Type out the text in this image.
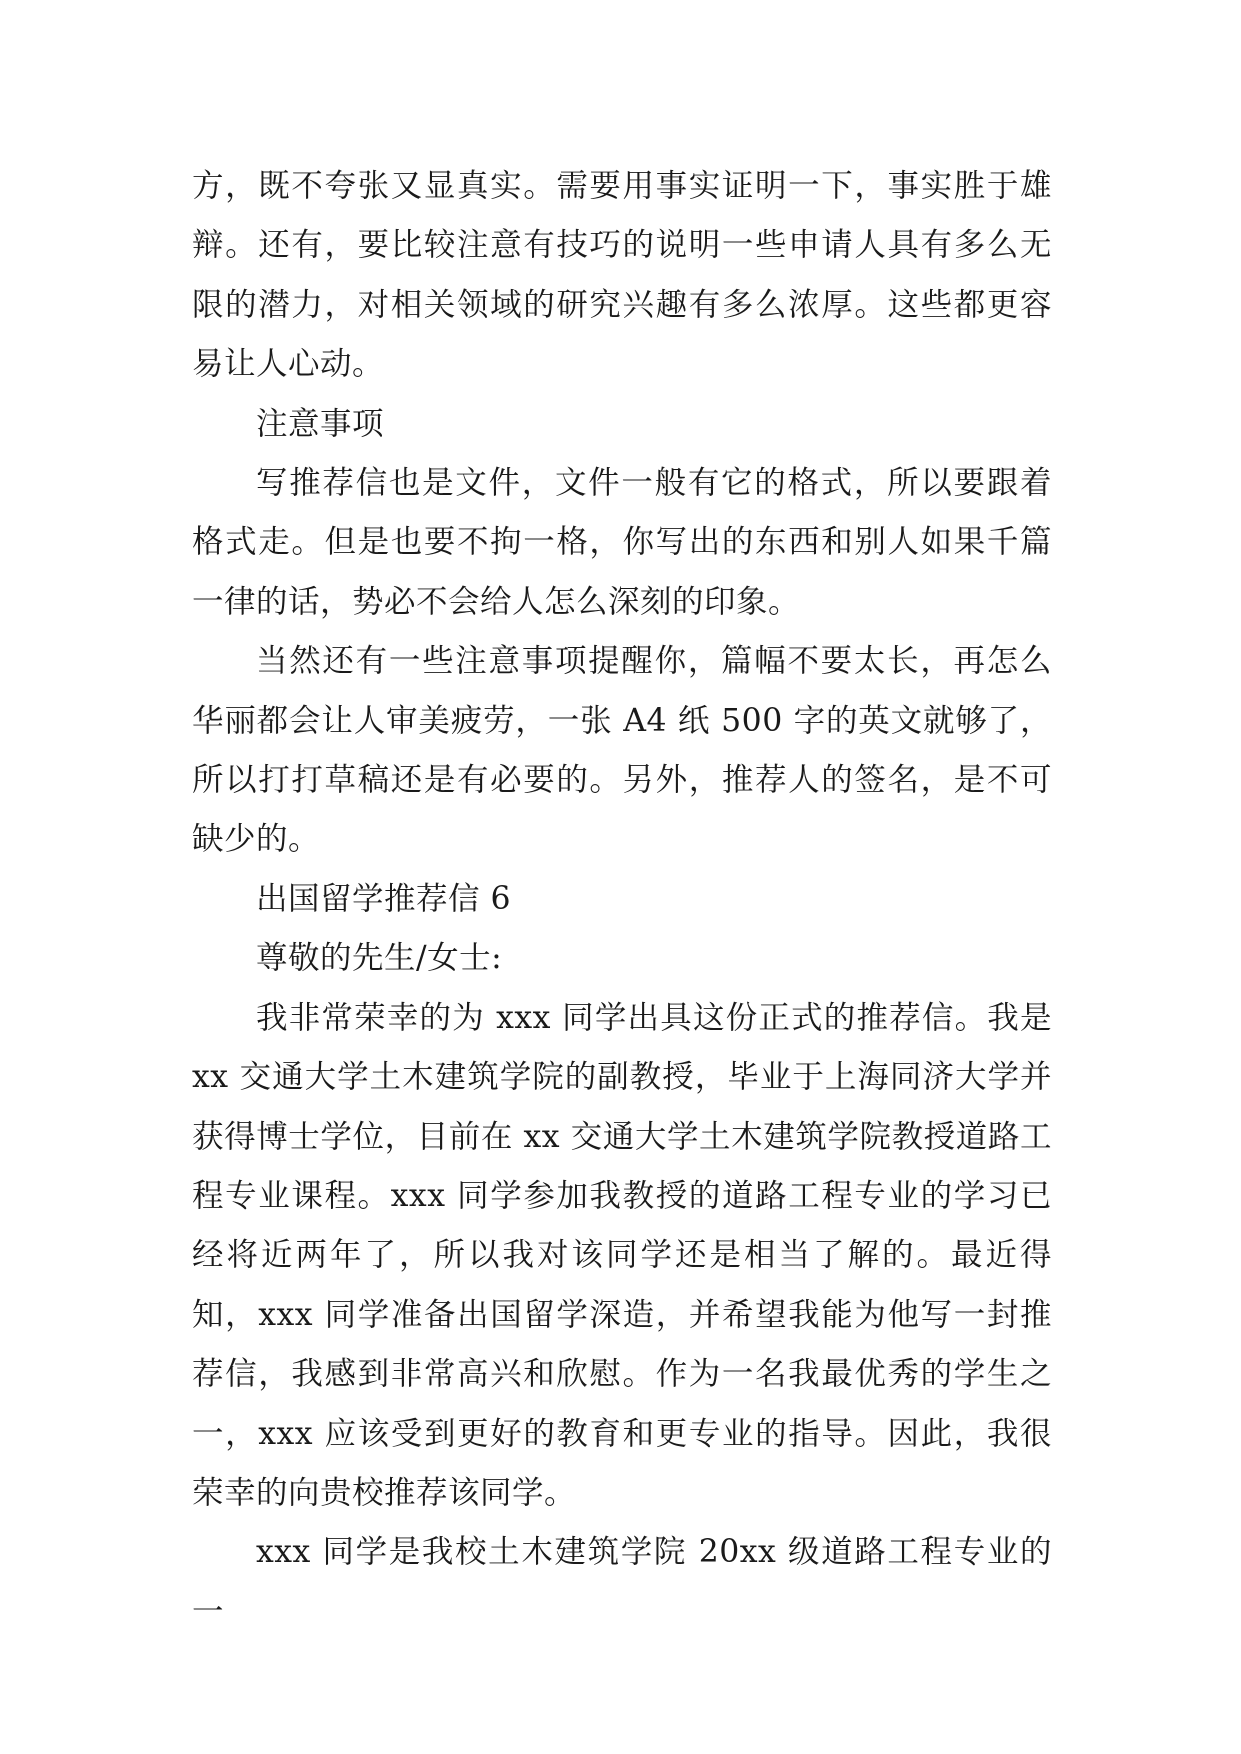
方，既不夸张又显真实。需要用事实证明一下，事实胜于雄辩。还有，要比较注意有技巧的说明一些申请人具有多么无限的潜力，对相关领域的研究兴趣有多么浓厚。这些都更容易让人心动。

注意事项

写推荐信也是文件，文件一般有它的格式，所以要跟着格式走。但是也要不拘一格，你写出的东西和别人如果千篇一律的话，势必不会给人怎么深刻的印象。

当然还有一些注意事项提醒你，篇幅不要太长，再怎么华丽都会让人审美疲劳，一张 A4 纸 500 字的英文就够了，所以打打草稿还是有必要的。另外，推荐人的签名，是不可缺少的。

出国留学推荐信 6

尊敬的先生/女士:

我非常荣幸的为 xxx 同学出具这份正式的推荐信。我是 xx 交通大学土木建筑学院的副教授，毕业于上海同济大学并获得博士学位，目前在 xx 交通大学土木建筑学院教授道路工程专业课程。xxx 同学参加我教授的道路工程专业的学习已经将近两年了，所以我对该同学还是相当了解的。最近得知，xxx 同学准备出国留学深造，并希望我能为他写一封推荐信，我感到非常高兴和欣慰。作为一名我最优秀的学生之一，xxx 应该受到更好的教育和更专业的指导。因此，我很荣幸的向贵校推荐该同学。

xxx 同学是我校土木建筑学院 20xx 级道路工程专业的一
